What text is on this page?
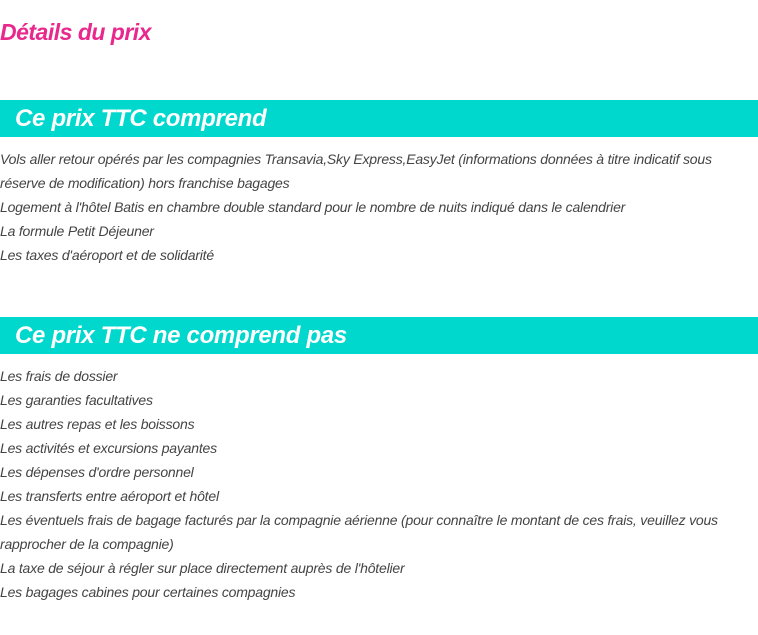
Détails du prix
Ce prix TTC comprend
Vols aller retour opérés par les compagnies Transavia,Sky Express,EasyJet (informations données à titre indicatif sous réserve de modification) hors franchise bagages
Logement à l'hôtel Batis en chambre double standard pour le nombre de nuits indiqué dans le calendrier
La formule Petit Déjeuner
Les taxes d'aéroport et de solidarité
Ce prix TTC ne comprend pas
Les frais de dossier
Les garanties facultatives
Les autres repas et les boissons
Les activités et excursions payantes
Les dépenses d'ordre personnel
Les transferts entre aéroport et hôtel
Les éventuels frais de bagage facturés par la compagnie aérienne (pour connaître le montant de ces frais, veuillez vous rapprocher de la compagnie)
La taxe de séjour à régler sur place directement auprès de l'hôtelier
Les bagages cabines pour certaines compagnies
